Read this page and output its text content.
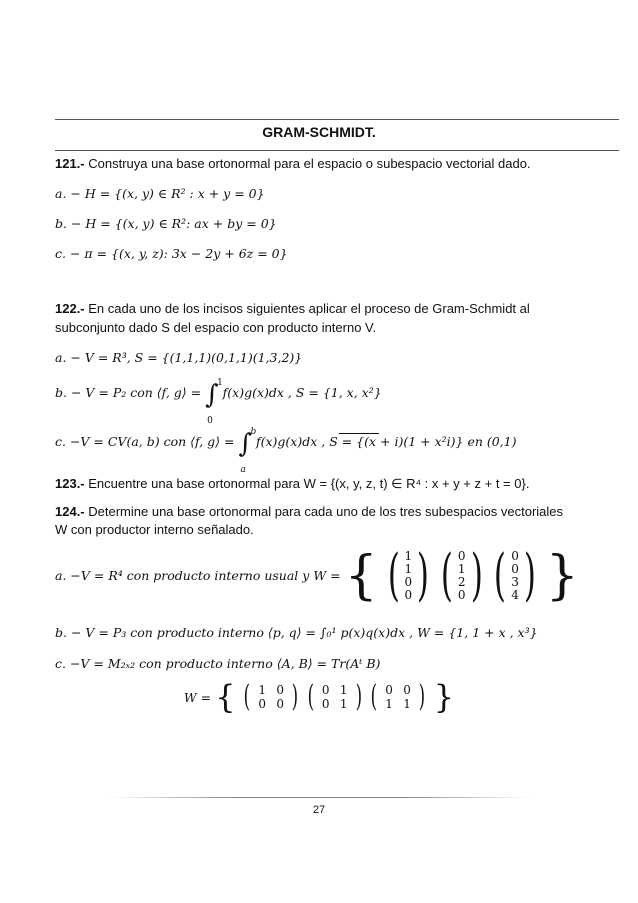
GRAM-SCHMIDT.
121.- Construya una base ortonormal para el espacio o subespacio vectorial dado.
a. − H = {(x, y) ∈ R² : x + y = 0}
b. − H = {(x, y) ∈ R²: ax + by = 0}
c. − π = {(x, y, z): 3x − 2y + 6z = 0}
122.- En cada uno de los incisos siguientes aplicar el proceso de Gram-Schmidt al
subconjunto dado S del espacio con producto interno V.
a. − V = R³, S = {(1,1,1)(0,1,1)(1,3,2)}
b. − V = P₂ con ⟨f, g⟩ = ∫
1
0
f(x)g(x)dx , S = {1, x, x²}
c. −V = CV(a, b) con ⟨f, g⟩ = ∫
b
a
f(x)g(x)dx , S = {(x + i)(1 + x²i)} en (0,1)
123.- Encuentre una base ortonormal para W = {(x, y, z, t) ∈ R⁴ : x + y + z + t = 0}.
124.- Determine una base ortonormal para cada uno de los tres subespacios vectoriales
W con productor interno señalado.
a. −V = R⁴ con producto interno usual y W = { ( 1
1
0
0 ) ( 0
1
2
0 ) ( 0
0
3
4 ) }
b. − V = P₃ con producto interno ⟨p, q⟩ = ∫₀¹ p(x)q(x)dx , W = {1, 1 + x , x³}
c. −V = M₂ₓ₂ con producto interno ⟨A, B⟩ = Tr(Aᵗ B)
W = { ( 1 0
0 0 ) ( 0 1
0 1 ) ( 0 0
1 1 ) }
27
